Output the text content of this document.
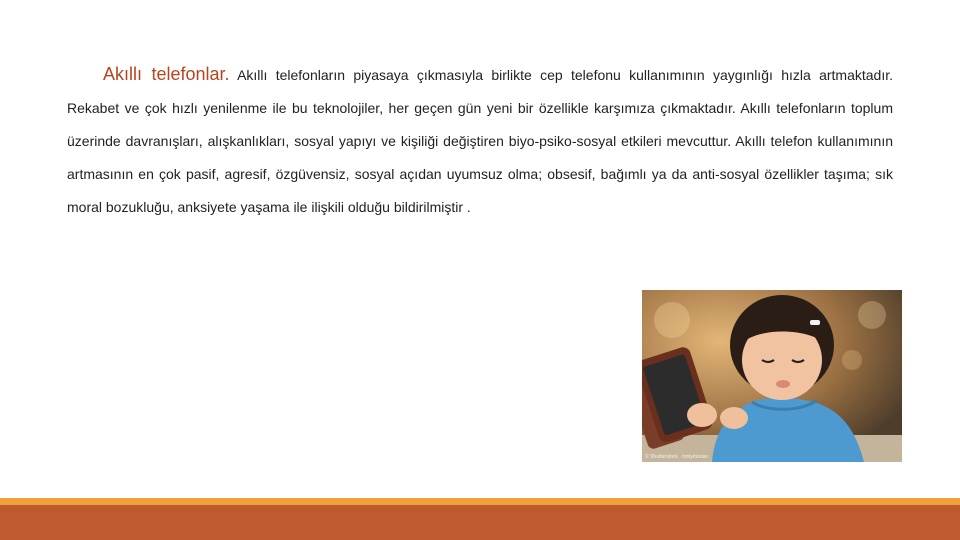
Akıllı telefonlar. Akıllı telefonların piyasaya çıkmasıyla birlikte cep telefonu kullanımının yaygınlığı hızla artmaktadır. Rekabet ve çok hızlı yenilenme ile bu teknolojiler, her geçen gün yeni bir özellikle karşımıza çıkmaktadır. Akıllı telefonların toplum üzerinde davranışları, alışkanlıkları, sosyal yapıyı ve kişiliği değiştiren biyo-psiko-sosyal etkileri mevcuttur. Akıllı telefon kullanımının artmasının en çok pasif, agresif, özgüvensiz, sosyal açıdan uyumsuz olma; obsesif, bağımlı ya da anti-sosyal özellikler taşıma; sık moral bozukluğu, anksiyete yaşama ile ilişkili olduğu bildirilmiştir .
© Shutterstock · tonlymouse
